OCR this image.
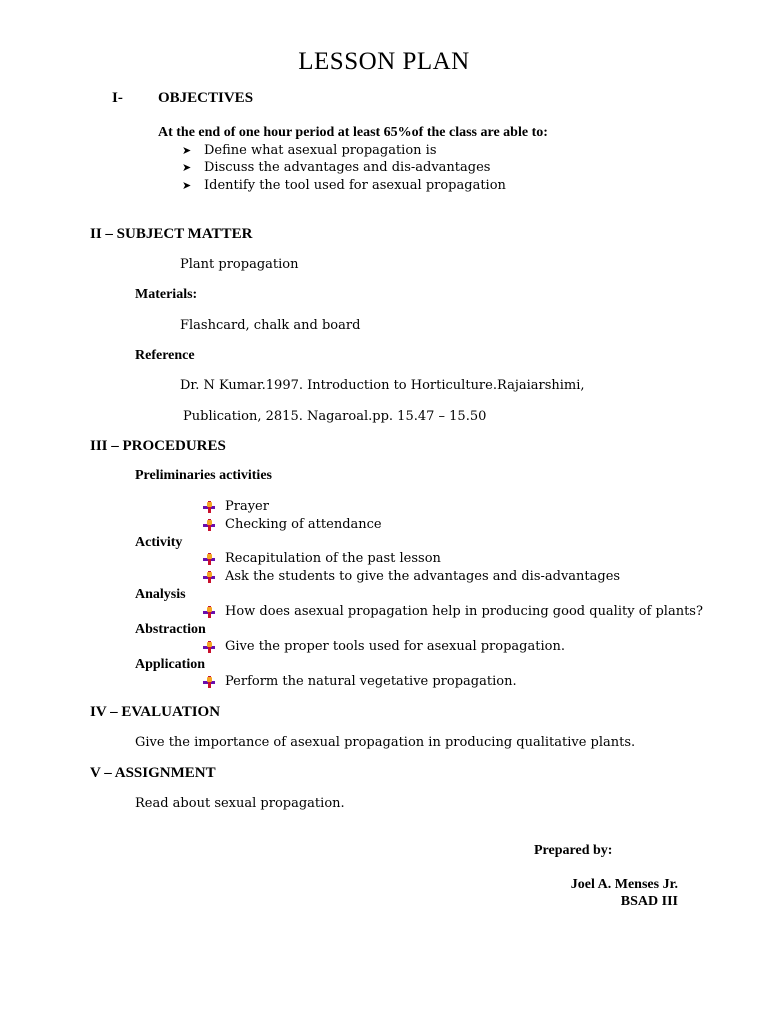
LESSON PLAN
I- OBJECTIVES
At the end of one hour period at least 65%of the class are able to:
➤ Define what asexual propagation is
➤ Discuss the advantages and dis-advantages
➤ Identify the tool used for asexual propagation
II – SUBJECT MATTER
Plant propagation
Materials:
Flashcard, chalk and board
Reference
Dr. N Kumar.1997. Introduction to Horticulture.Rajaiarshimi,
Publication, 2815. Nagaroal.pp. 15.47 – 15.50
III – PROCEDURES
Preliminaries activities
Prayer
Checking of attendance
Activity
Recapitulation of the past lesson
Ask the students to give the advantages and dis-advantages
Analysis
How does asexual propagation help in producing good quality of plants?
Abstraction
Give the proper tools used for asexual propagation.
Application
Perform the natural vegetative propagation.
IV – EVALUATION
Give the importance of asexual propagation in producing qualitative plants.
V – ASSIGNMENT
Read about sexual propagation.
Prepared by:
Joel A. Menses Jr.
BSAD III
